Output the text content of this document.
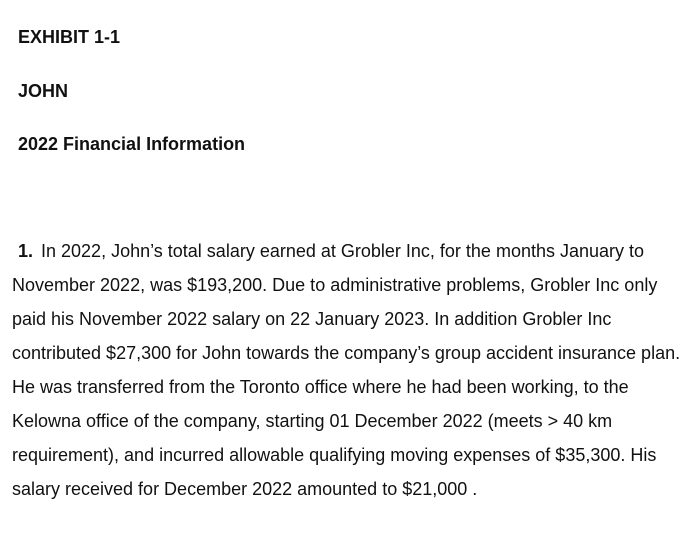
EXHIBIT 1-1

JOHN

2022 Financial Information

1. In 2022, John’s total salary earned at Grobler Inc, for the months January to November 2022, was $193,200. Due to administrative problems, Grobler Inc only paid his November 2022 salary on 22 January 2023. In addition Grobler Inc contributed $27,300 for John towards the company’s group accident insurance plan. He was transferred from the Toronto office where he had been working, to the Kelowna office of the company, starting 01 December 2022 (meets > 40 km requirement), and incurred allowable qualifying moving expenses of $35,300. His salary received for December 2022 amounted to $21,000 .
